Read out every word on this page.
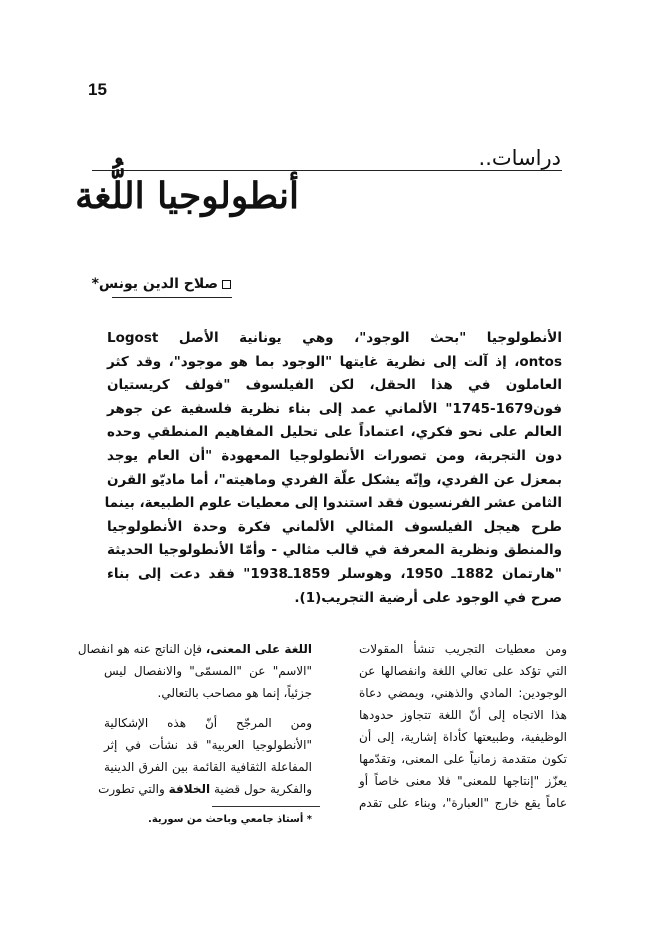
15
دراسات..
أنطولوجيا اللُّغة
صلاح الدين يونس*
الأنطولوجيا "بحث الوجود"، وهي يونانية الأصل Logost
ontos، إذ آلت إلى نظرية غايتها "الوجود بما هو موجود"، وقد كثر
العاملون في هذا الحقل، لكن الفيلسوف "فولف كريستيان
فون1679-1745" الألماني عمد إلى بناء نظرية فلسفية عن جوهر
العالم على نحو فكري، اعتماداً على تحليل المفاهيم المنطقي وحده
دون التجربة، ومن تصورات الأنطولوجيا المعهودة "أن العام يوجد
بمعزل عن الفردي، وإنّه يشكل علّة الفردي وماهيته"، أما ماديّو القرن
الثامن عشر الفرنسيون فقد استندوا إلى معطيات علوم الطبيعة، بينما
طرح هيجل الفيلسوف المثالي الألماني فكرة وحدة الأنطولوجيا
والمنطق ونظرية المعرفة في قالب مثالي - وأمّا الأنطولوجيا الحديثة
"هارتمان 1882ـ 1950، وهوسلر 1859ـ1938" فقد دعت إلى بناء
صرح في الوجود على أرضية التجريب(1).
ومن معطيات التجريب تنشأ المقولات
التي تؤكد على تعالي اللغة وانفصالها عن
الوجودين: المادي والذهني، ويمضي دعاة
هذا الاتجاه إلى أنّ اللغة تتجاوز حدودها
الوظيفية، وطبيعتها كأداة إشارية، إلى أن
تكون متقدمة زمانياً على المعنى، وتقدّمها
يعزّز "إنتاجها للمعنى" فلا معنى خاصاً أو
عاماً يقع خارج "العبارة"، وبناء على تقدم
اللغة على المعنى، فإن الناتج عنه هو انفصال
"الاسم" عن "المسمّى" والانفصال ليس
جزئياً، إنما هو مصاحب بالتعالي.
ومن المرجّح أنّ هذه الإشكالية
"الأنطولوجيا العربية" قد نشأت في إثر
المفاعلة الثقافية القائمة بين الفرق الدينية
والفكرية حول قضية الخلافة والتي تطورت
* أستاذ جامعي وباحث من سورية.
